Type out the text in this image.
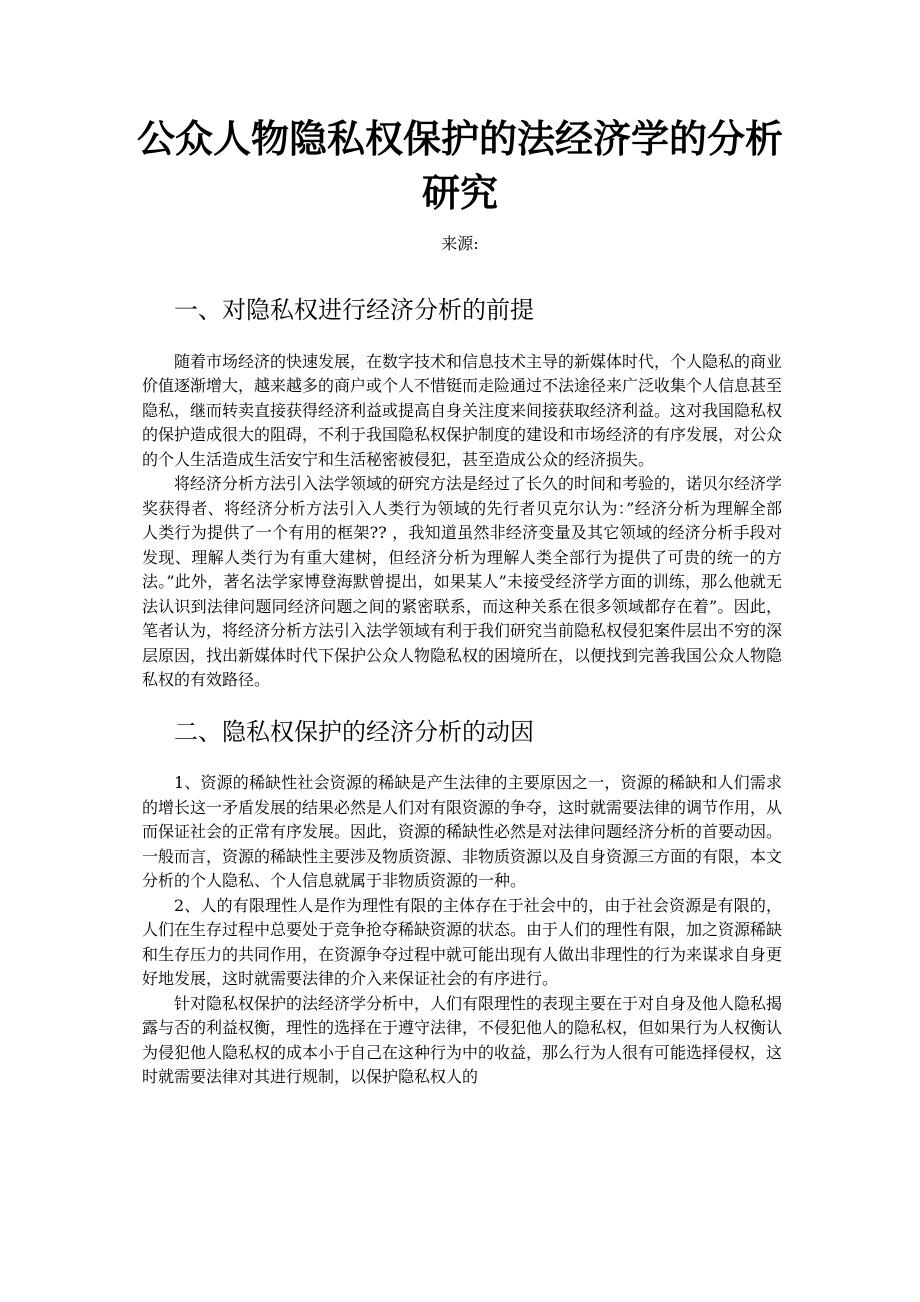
公众人物隐私权保护的法经济学的分析研究
来源:
一、对隐私权进行经济分析的前提

随着市场经济的快速发展，在数字技术和信息技术主导的新媒体时代，个人隐私的商业价值逐渐增大，越来越多的商户或个人不惜铤而走险通过不法途径来广泛收集个人信息甚至隐私，继而转卖直接获得经济利益或提高自身关注度来间接获取经济利益。这对我国隐私权的保护造成很大的阻碍，不利于我国隐私权保护制度的建设和市场经济的有序发展，对公众的个人生活造成生活安宁和生活秘密被侵犯，甚至造成公众的经济损失。

将经济分析方法引入法学领域的研究方法是经过了长久的时间和考验的，诺贝尔经济学奖获得者、将经济分析方法引入人类行为领域的先行者贝克尔认为：”经济分析为理解全部人类行为提供了一个有用的框架?? ，我知道虽然非经济变量及其它领域的经济分析手段对发现、理解人类行为有重大建树，但经济分析为理解人类全部行为提供了可贵的统一的方法。”此外，著名法学家博登海默曾提出，如果某人”未接受经济学方面的训练，那么他就无法认识到法律问题同经济问题之间的紧密联系，而这种关系在很多领域都存在着”。因此，笔者认为，将经济分析方法引入法学领域有利于我们研究当前隐私权侵犯案件层出不穷的深层原因，找出新媒体时代下保护公众人物隐私权的困境所在，以便找到完善我国公众人物隐私权的有效路径。

二、隐私权保护的经济分析的动因

1、资源的稀缺性社会资源的稀缺是产生法律的主要原因之一，资源的稀缺和人们需求的增长这一矛盾发展的结果必然是人们对有限资源的争夺，这时就需要法律的调节作用，从而保证社会的正常有序发展。因此，资源的稀缺性必然是对法律问题经济分析的首要动因。一般而言，资源的稀缺性主要涉及物质资源、非物质资源以及自身资源三方面的有限，本文分析的个人隐私、个人信息就属于非物质资源的一种。

2、人的有限理性人是作为理性有限的主体存在于社会中的，由于社会资源是有限的，人们在生存过程中总要处于竞争抢夺稀缺资源的状态。由于人们的理性有限，加之资源稀缺和生存压力的共同作用，在资源争夺过程中就可能出现有人做出非理性的行为来谋求自身更好地发展，这时就需要法律的介入来保证社会的有序进行。

针对隐私权保护的法经济学分析中，人们有限理性的表现主要在于对自身及他人隐私揭露与否的利益权衡，理性的选择在于遵守法律，不侵犯他人的隐私权，但如果行为人权衡认为侵犯他人隐私权的成本小于自己在这种行为中的收益，那么行为人很有可能选择侵权，这时就需要法律对其进行规制，以保护隐私权人的
